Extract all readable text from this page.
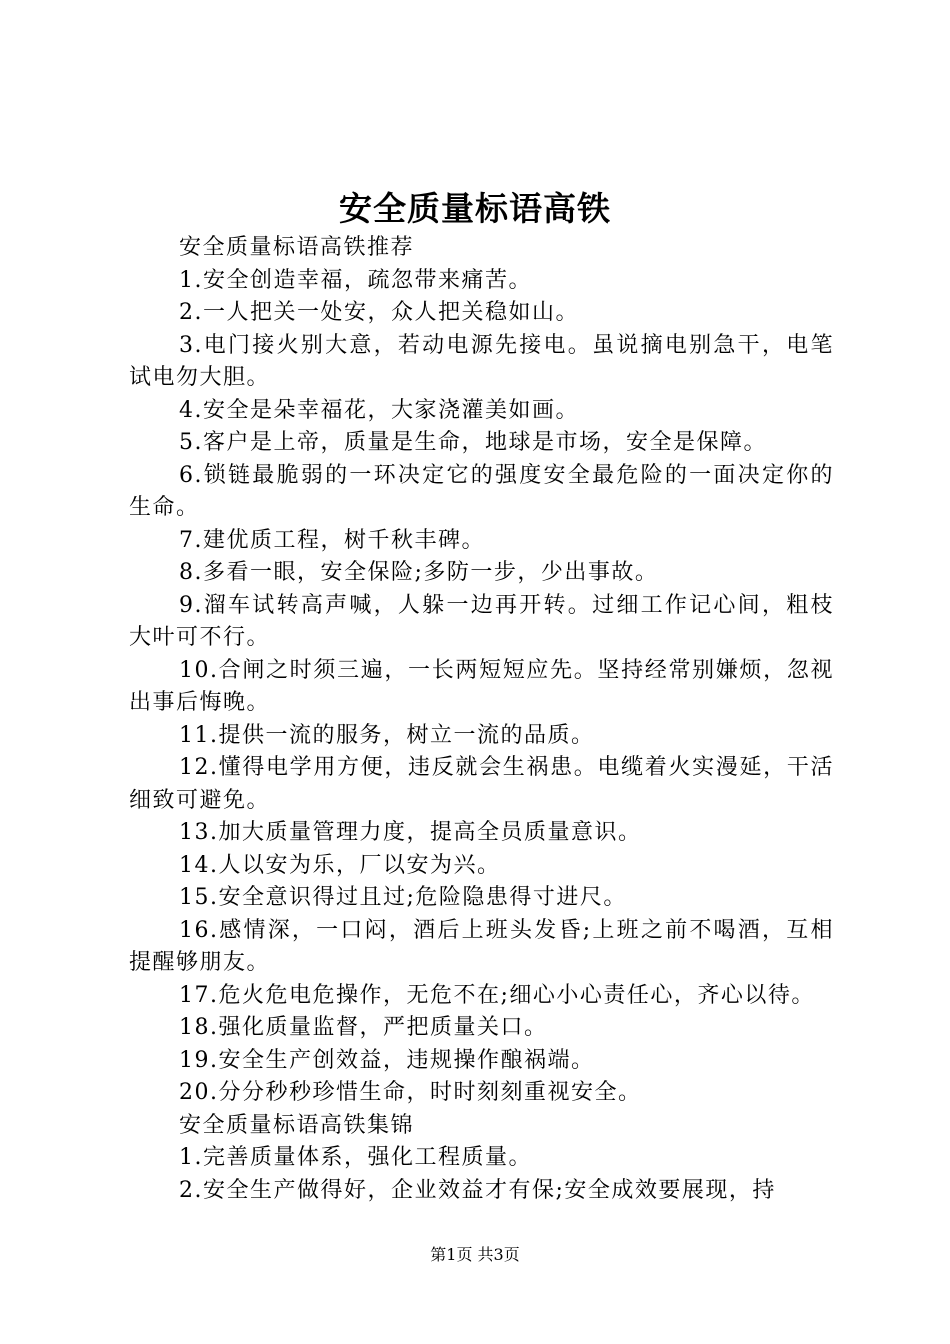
安全质量标语高铁

安全质量标语高铁推荐

1.安全创造幸福，疏忽带来痛苦。

2.一人把关一处安，众人把关稳如山。

3.电门接火别大意，若动电源先接电。虽说摘电别急干，电笔试电勿大胆。

4.安全是朵幸福花，大家浇灌美如画。

5.客户是上帝，质量是生命，地球是市场，安全是保障。

6.锁链最脆弱的一环决定它的强度安全最危险的一面决定你的生命。

7.建优质工程，树千秋丰碑。

8.多看一眼，安全保险;多防一步，少出事故。

9.溜车试转高声喊，人躲一边再开转。过细工作记心间，粗枝大叶可不行。

10.合闸之时须三遍，一长两短短应先。坚持经常别嫌烦，忽视出事后悔晚。

11.提供一流的服务，树立一流的品质。

12.懂得电学用方便，违反就会生祸患。电缆着火实漫延，干活细致可避免。

13.加大质量管理力度，提高全员质量意识。

14.人以安为乐，厂以安为兴。

15.安全意识得过且过;危险隐患得寸进尺。

16.感情深，一口闷，酒后上班头发昏;上班之前不喝酒，互相提醒够朋友。

17.危火危电危操作，无危不在;细心小心责任心，齐心以待。

18.强化质量监督，严把质量关口。

19.安全生产创效益，违规操作酿祸端。

20.分分秒秒珍惜生命，时时刻刻重视安全。

安全质量标语高铁集锦

1.完善质量体系，强化工程质量。

2.安全生产做得好，企业效益才有保;安全成效要展现，持

第1页 共3页
